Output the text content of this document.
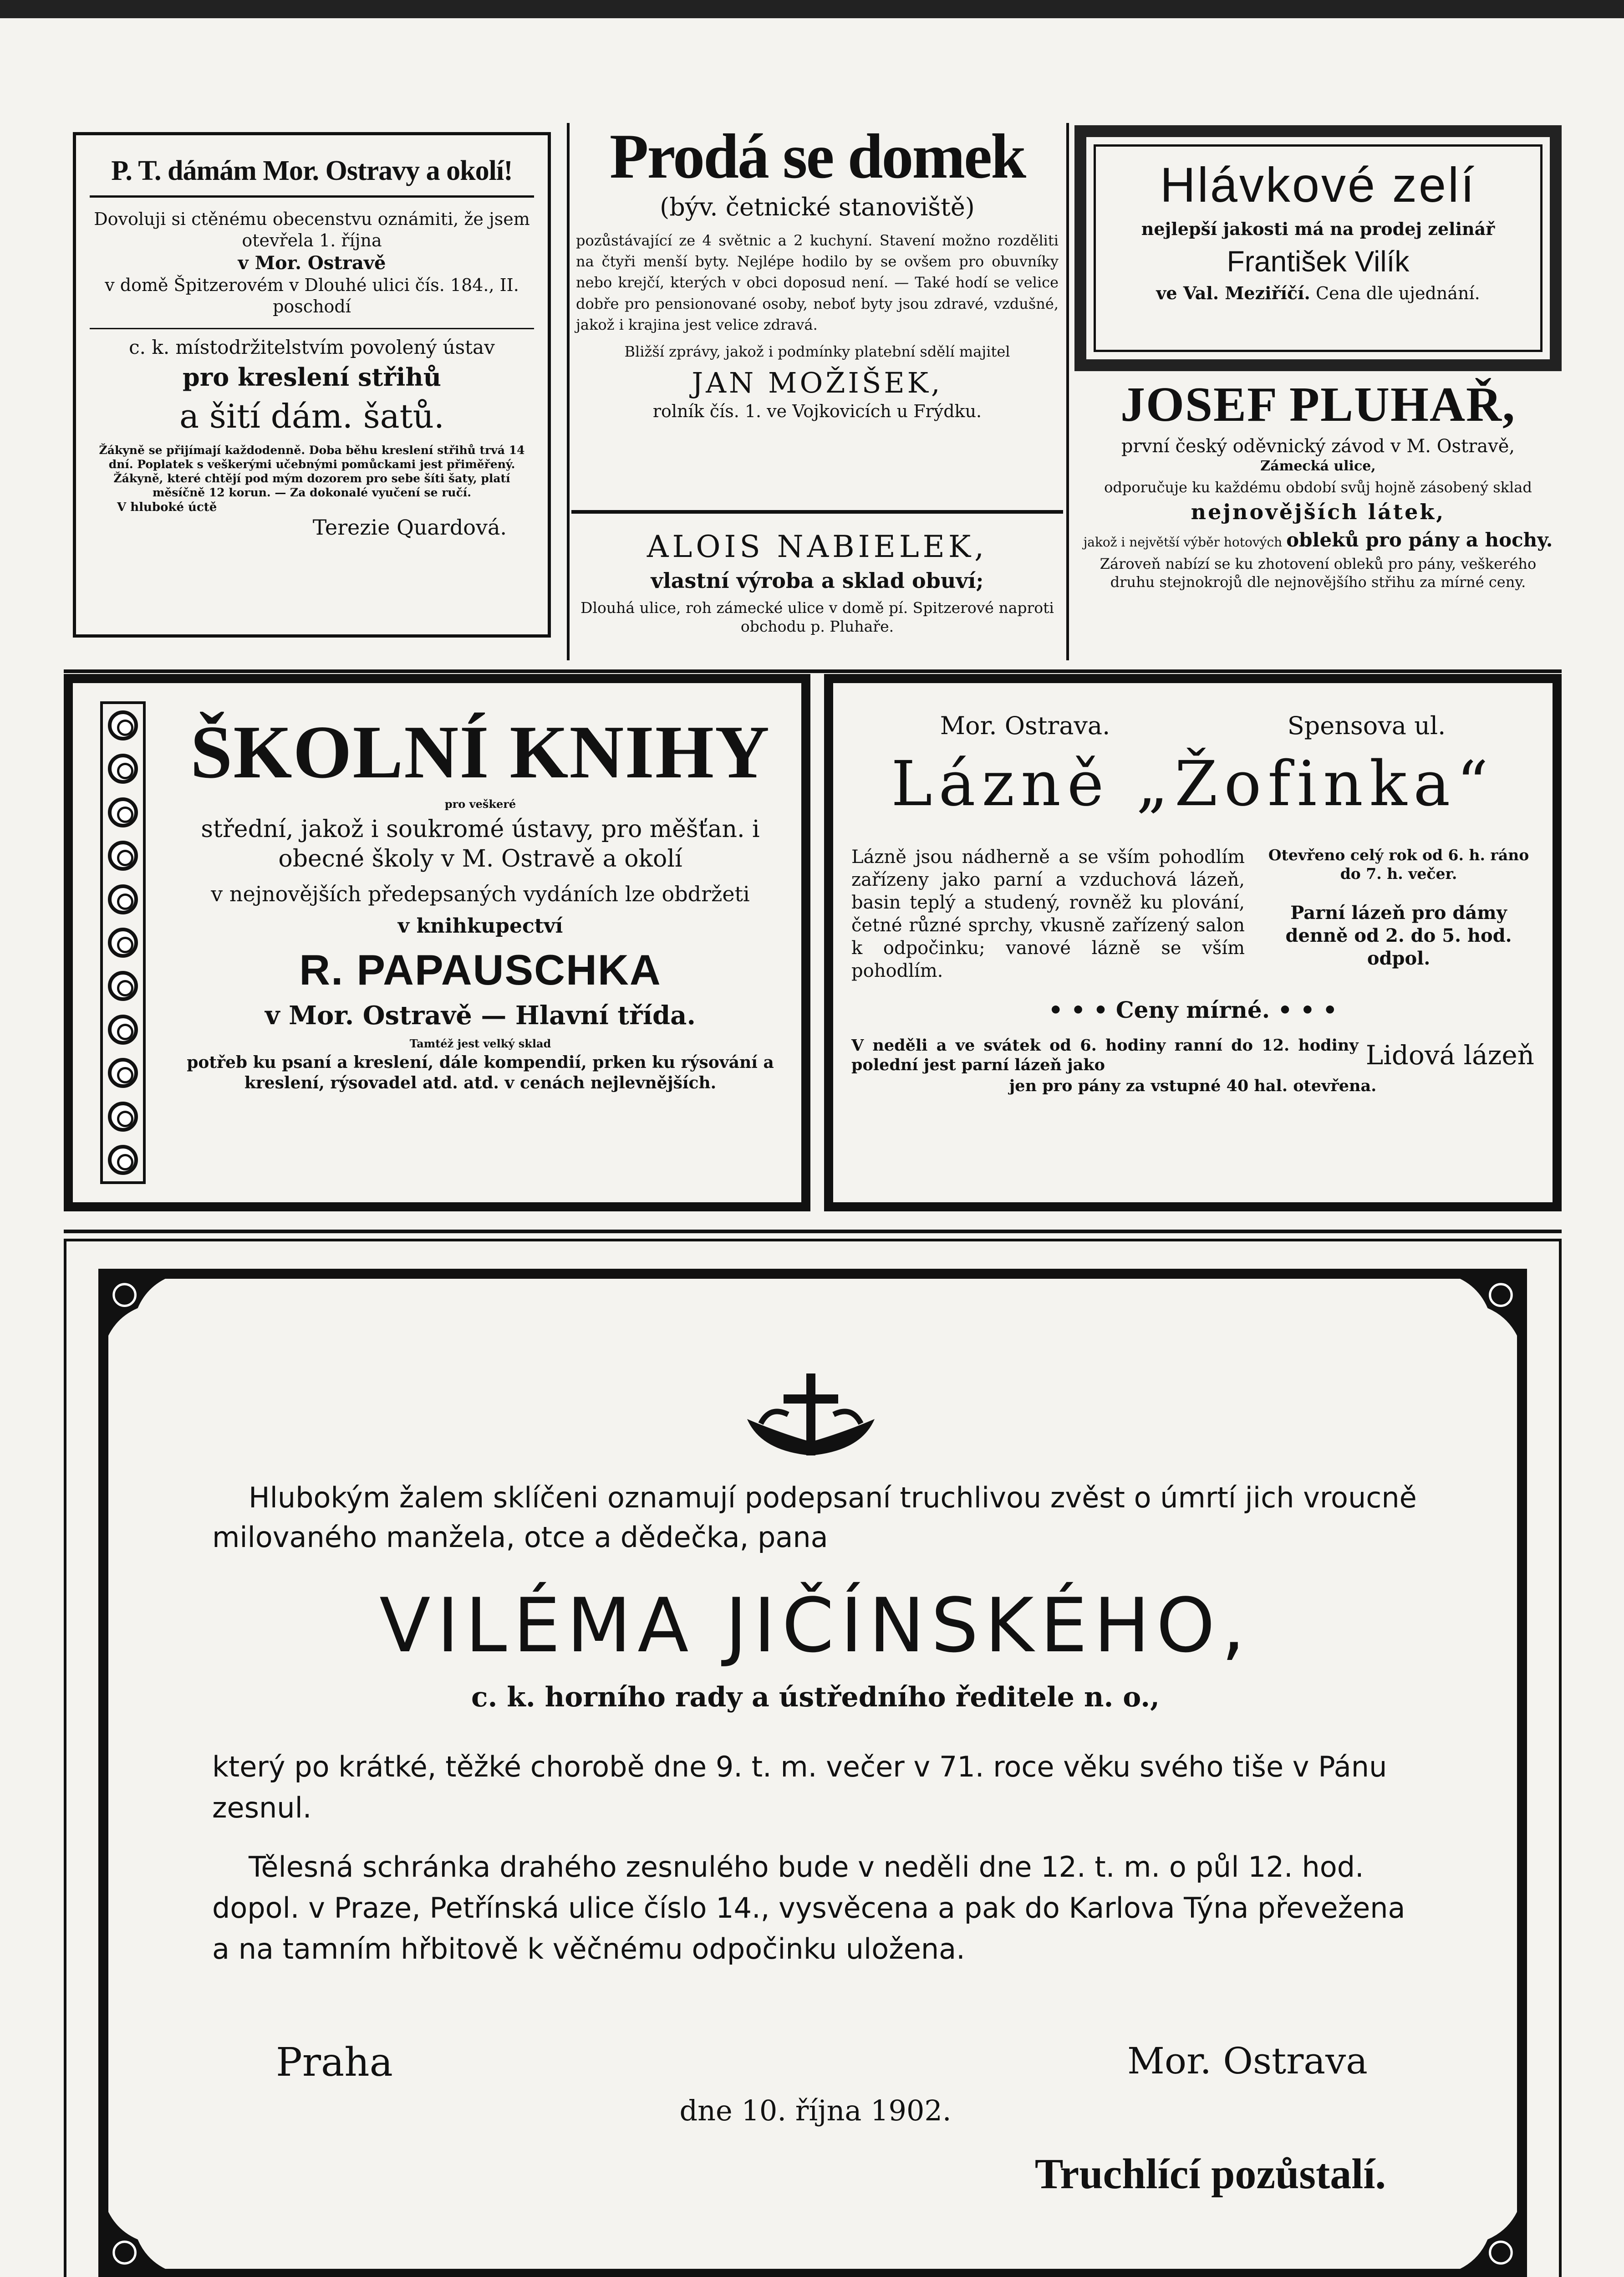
P. T. dámám Mor. Ostravy a okolí!

Dovoluji si ctěnému obecenstvu oznámiti, že jsem otevřela 1. října

v Mor. Ostravě

v domě Špitzerovém v Dlouhé ulici čís. 184., II. poschodí

c. k. místodržitelstvím povolený ústav

pro kreslení střihů

a šití dám. šatů.

Žákyně se přijímají každodenně. Doba běhu kreslení střihů trvá 14 dní. Poplatek s veškerými učebnými pomůckami jest přiměřený. Žákyně, které chtějí pod mým dozorem pro sebe šíti šaty, platí měsíčně 12 korun. — Za dokonalé vyučení se ručí.

V hluboké úctě

Terezie Quardová.

Prodá se domek

(býv. četnické stanoviště)

pozůstávající ze 4 světnic a 2 kuchyní. Stavení možno rozděliti na čtyři menší byty. Nejlépe hodilo by se ovšem pro obuvníky nebo krejčí, kterých v obci doposud není. — Také hodí se velice dobře pro pensionované osoby, neboť byty jsou zdravé, vzdušné, jakož i krajina jest velice zdravá.

Bližší zprávy, jakož i podmínky platební sdělí majitel

JAN MOŽIŠEK,

rolník čís. 1. ve Vojkovicích u Frýdku.

ALOIS NABIELEK,

vlastní výroba a sklad obuví;

Dlouhá ulice, roh zámecké ulice v domě pí. Spitzerové naproti obchodu p. Pluhaře.

Hlávkové zelí

nejlepší jakosti má na prodej zelinář

František Vilík

ve Val. Meziříčí. Cena dle ujednání.

JOSEF PLUHAŘ,

první český oděvnický závod v M. Ostravě,

Zámecká ulice,

odporučuje ku každému období svůj hojně zásobený sklad

nejnovějších látek,

jakož i největší výběr hotových obleků pro pány a hochy.

Zároveň nabízí se ku zhotovení obleků pro pány, veškerého druhu stejnokrojů dle nejnovějšího střihu za mírné ceny.

ŠKOLNÍ KNIHY

pro veškeré

střední, jakož i soukromé ústavy, pro měšťan. i obecné školy v M. Ostravě a okolí

v nejnovějších předepsaných vydáních lze obdržeti

v knihkupectví

R. PAPAUSCHKA

v Mor. Ostravě — Hlavní třída.

Tamtéž jest velký sklad

potřeb ku psaní a kreslení, dále kompendií, prken ku rýsování a kreslení, rýsovadel atd. atd. v cenách nejlevnějších.

Mor. Ostrava.	Spensova ul.

Lázně „Žofinka“

Lázně jsou nádherně a se vším pohodlím zařízeny jako parní a vzduchová lázeň, basin teplý a studený, rovněž ku plování, četné různé sprchy, vkusně zařízený salon k odpočinku; vanové lázně se vším pohodlím.

Otevřeno celý rok od 6. h. ráno do 7. h. večer.

Parní lázeň pro dámy denně od 2. do 5. hod. odpol.

• • • Ceny mírné. • • •

V neděli a ve svátek od 6. hodiny ranní do 12. hodiny polední jest parní lázeň jako	Lidová lázeň

jen pro pány za vstupné 40 hal. otevřena.

Hlubokým žalem sklíčeni oznamují podepsaní truchlivou zvěst o úmrtí jich vroucně milovaného manžela, otce a dědečka, pana

VILÉMA JIČÍNSKÉHO,

c. k. horního rady a ústředního ředitele n. o.,

který po krátké, těžké chorobě dne 9. t. m. večer v 71. roce věku svého tiše v Pánu zesnul.

Tělesná schránka drahého zesnulého bude v neděli dne 12. t. m. o půl 12. hod. dopol. v Praze, Petřínská ulice číslo 14., vysvěcena a pak do Karlova Týna převežena a na tamním hřbitově k věčnému odpočinku uložena.

Praha	Mor. Ostrava

dne 10. října 1902.

Truchlící pozůstalí.
